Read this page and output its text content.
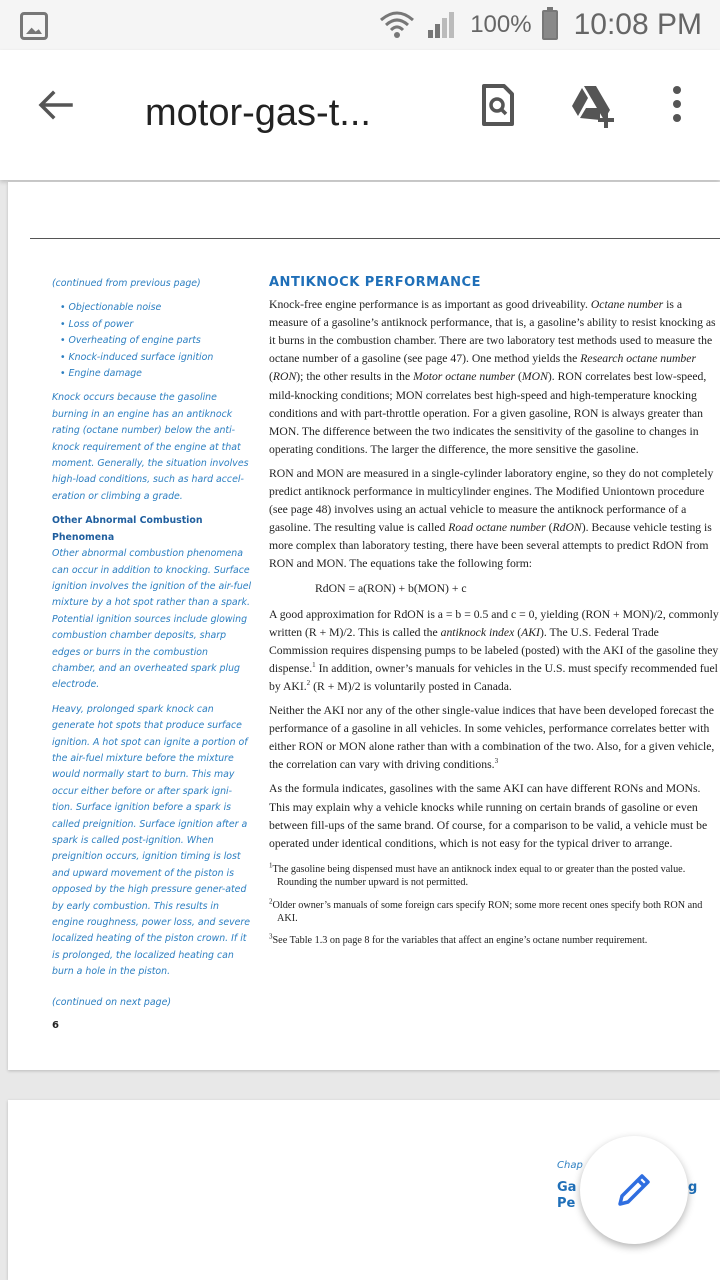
100% 10:08 PM
motor-gas-t...

(continued from previous page)

• Objectionable noise
• Loss of power
• Overheating of engine parts
• Knock-induced surface ignition
• Engine damage

Knock occurs because the gasoline burning in an engine has an antiknock rating (octane number) below the anti-knock requirement of the engine at that moment. Generally, the situation involves high-load conditions, such as hard accel-eration or climbing a grade.

Other Abnormal Combustion Phenomena

Other abnormal combustion phenomena can occur in addition to knocking. Surface ignition involves the ignition of the air-fuel mixture by a hot spot rather than a spark. Potential ignition sources include glowing combustion chamber deposits, sharp edges or burrs in the combustion chamber, and an overheated spark plug electrode.

Heavy, prolonged spark knock can generate hot spots that produce surface ignition. A hot spot can ignite a portion of the air-fuel mixture before the mixture would normally start to burn. This may occur either before or after spark igni-tion. Surface ignition before a spark is called preignition. Surface ignition after a spark is called post-ignition. When preignition occurs, ignition timing is lost and upward movement of the piston is opposed by the high pressure gener-ated by early combustion. This results in engine roughness, power loss, and severe localized heating of the piston crown. If it is prolonged, the localized heating can burn a hole in the piston.

(continued on next page)

6
ANTIKNOCK PERFORMANCE

Knock-free engine performance is as important as good driveability. Octane number is a measure of a gasoline’s antiknock performance, that is, a gasoline’s ability to resist knocking as it burns in the combustion chamber. There are two laboratory test methods used to measure the octane number of a gasoline (see page 47). One method yields the Research octane number (RON); the other results in the Motor octane number (MON). RON correlates best low-speed, mild-knocking conditions; MON correlates best high-speed and high-temperature knocking conditions and with part-throttle operation. For a given gasoline, RON is always greater than MON. The difference between the two indicates the sensitivity of the gasoline to changes in operating conditions. The larger the difference, the more sensitive the gasoline.

RON and MON are measured in a single-cylinder laboratory engine, so they do not completely predict antiknock performance in multicylinder engines. The Modified Uniontown procedure (see page 48) involves using an actual vehicle to measure the antiknock performance of a gasoline. The resulting value is called Road octane number (RdON). Because vehicle testing is more complex than laboratory testing, there have been several attempts to predict RdON from RON and MON. The equations take the following form:

RdON = a(RON) + b(MON) + c

A good approximation for RdON is a = b = 0.5 and c = 0, yielding (RON + MON)/2, commonly written (R + M)/2. This is called the antiknock index (AKI). The U.S. Federal Trade Commission requires dispensing pumps to be labeled (posted) with the AKI of the gasoline they dispense.$^1$ In addition, owner’s manuals for vehicles in the U.S. must specify recommended fuel by AKI.$^2$ (R + M)/2 is voluntarily posted in Canada.

Neither the AKI nor any of the other single-value indices that have been developed forecast the performance of a gasoline in all vehicles. In some vehicles, performance correlates better with either RON or MON alone rather than with a combination of the two. Also, for a given vehicle, the correlation can vary with driving conditions.$^3$

As the formula indicates, gasolines with the same AKI can have different RONs and MONs. This may explain why a vehicle knocks while running on certain brands of gasoline or even between fill-ups of the same brand. Of course, for a comparison to be valid, a vehicle must be operated under identical conditions, which is not easy for the typical driver to arrange.

$^1$The gasoline being dispensed must have an antiknock index equal to or greater than the posted value. Rounding the number upward is not permitted.

$^2$Older owner’s manuals of some foreign cars specify RON; some more recent ones specify both RON and AKI.

$^3$See Table 1.3 on page 8 for the variables that affect an engine’s octane number requirement.

Chap
Ga	g
Pe
